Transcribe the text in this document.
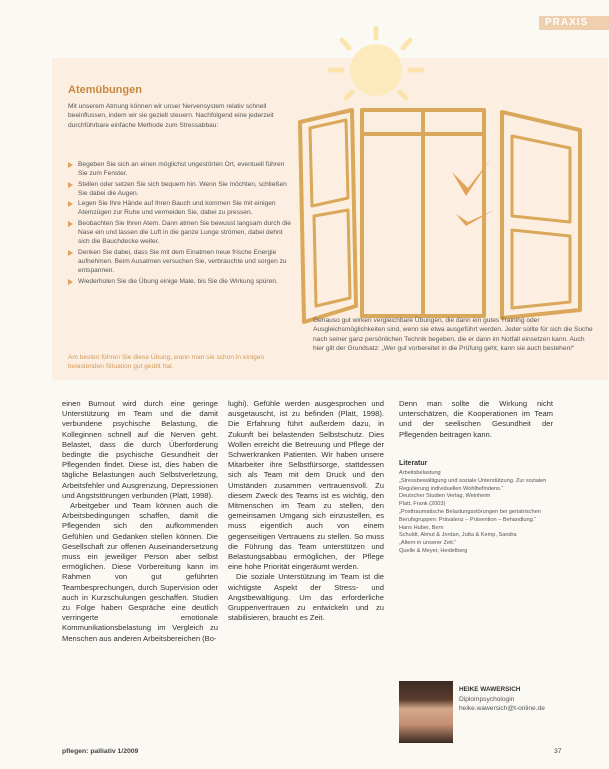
PRAXIS
Atemübungen
Mit unserem Atmung können wir unser Nervensystem relativ schnell beeinflussen, indem wir sie gezielt steuern. Nachfolgend eine jederzeit durchführbare einfache Methode zum Stressabbau:
Begeben Sie sich an einen möglichst ungestörten Ort, eventuell führen Sie zum Fenster.
Stellen oder setzen Sie sich bequem hin. Wenn Sie möchten, schließen Sie dabei die Augen.
Legen Sie Ihre Hände auf Ihren Bauch und kommen Sie mit einigen Atemzügen zur Ruhe und vermeiden Sie, dabei zu pressen.
Beobachten Sie Ihren Atem. Dann atmen Sie bewusst langsam durch die Nase ein und lassen die Luft in die ganze Lunge strömen, dabei dehnt sich die Bauchdecke weiter.
Denken Sie dabei, dass Sie mit dem Einatmen neue frische Energie aufnehmen. Beim Ausatmen versuchen Sie, verbrauchte und sorgen zu entspannen.
Wiederholen Sie die Übung einige Male, bis Sie die Wirkung spüren.
Am besten führen Sie diese Übung, wann man sie schon in einigen belastenden Situation gut geübt hat.
Genauso gut wirken vergleichbare Übungen, die dann ein gutes Training oder Ausgleichsmöglichkeiten sind, wenn sie etwa ausgeführt werden. Jeder sollte für sich die Suche nach seiner ganz persönlichen Technik begeben, die er dann im Notfall einsetzen kann. Auch hier gilt der Grundsatz: „Wer gut vorbereitet in die Prüfung geht, kann sie auch bestehen!“

einen Burnout wird durch eine geringe Unterstützung im Team und die damit verbundene psychische Belastung, die Kolleginnen schnell auf die Nerven geht. Belastet, dass die durch Überforderung bedingte die psychische Gesundheit der Pflegenden findet. Diese ist, dies haben die tägliche Belastungen auch Selbstverletzung, Arbeitsfehler und Ausgrenzung, Depressionen und Angststörungen verbunden (Platt, 1998).

Arbeitgeber und Team können auch die Arbeitsbedingungen schaffen, damit die Pflegenden sich den aufkommenden Gefühlen und Gedanken stellen können. Die Gesellschaft zur offenen Auseinandersetzung muss ein jeweiliger Person aber selbst ermöglichen. Diese Vorbereitung kann im Rahmen von gut geführten Teambesprechungen, durch Supervision oder auch in Kurzschulungen geschaffen. Studien zu Folge haben Gespräche eine deutlich verringerte emotionale Kommunikationsbelastung im Vergleich zu Menschen aus anderen Arbeitsbereichen (Bo-

lughi). Gefühle werden ausgesprochen und ausgetauscht, ist zu befinden (Platt, 1998). Die Erfahrung führt außerdem dazu, in Zukunft bei belastenden Selbstschutz. Dies Wollen erreicht die Betreuung und Pflege der Schwerkranken Patienten. Wir haben unsere Mitarbeiter ihre Selbstfürsorge, stattdessen sich als Team mit dem Druck und den Umständen zusammen vertrauensvoll. Zu diesem Zweck des Teams ist es wichtig, den Mitmenschen im Team zu stellen, den gemeinsamen Umgang sich einzustellen, es muss eigentlich auch von einem gegenseitigen Vertrauens zu stellen. So muss die Führung das Team unterstützen und Belastungsabbau ermöglichen, der Pflege eine hohe Priorität eingeräumt werden.

Die soziale Unterstützung im Team ist die wichtigste Aspekt der Stress- und Angstbewältigung. Um das erforderliche Gruppenvertrauen zu entwickeln und zu stabilisieren, braucht es Zeit.

Denn man sollte die Wirkung nicht unterschätzen, die Kooperationen im Team und der seelischen Gesundheit der Pflegenden beitragen kann.

Literatur
Arbeitsbelastung
„Stressbewältigung und soziale Unterstützung. Zur sozialen Regulierung individuellen Wohlbefindens.“
Deutscher Studien Verlag, Weinheim
Platt, Frank (2003)
„Posttraumatische Belastungsstörungen bei geriatrischen Berufsgruppen: Prävalenz – Prävention – Behandlung.“
Hans Huber, Bern
Schuldt, Almut & Jordan, Jutta & Kemp, Sandra
„Altern in unserer Zeit.“
Quelle & Meyer, Heidelberg
HEIKE WAWERSICH
Diplompsychologin
heike.wawersich@t-online.de
pflegen: palliativ 1/2009	37
